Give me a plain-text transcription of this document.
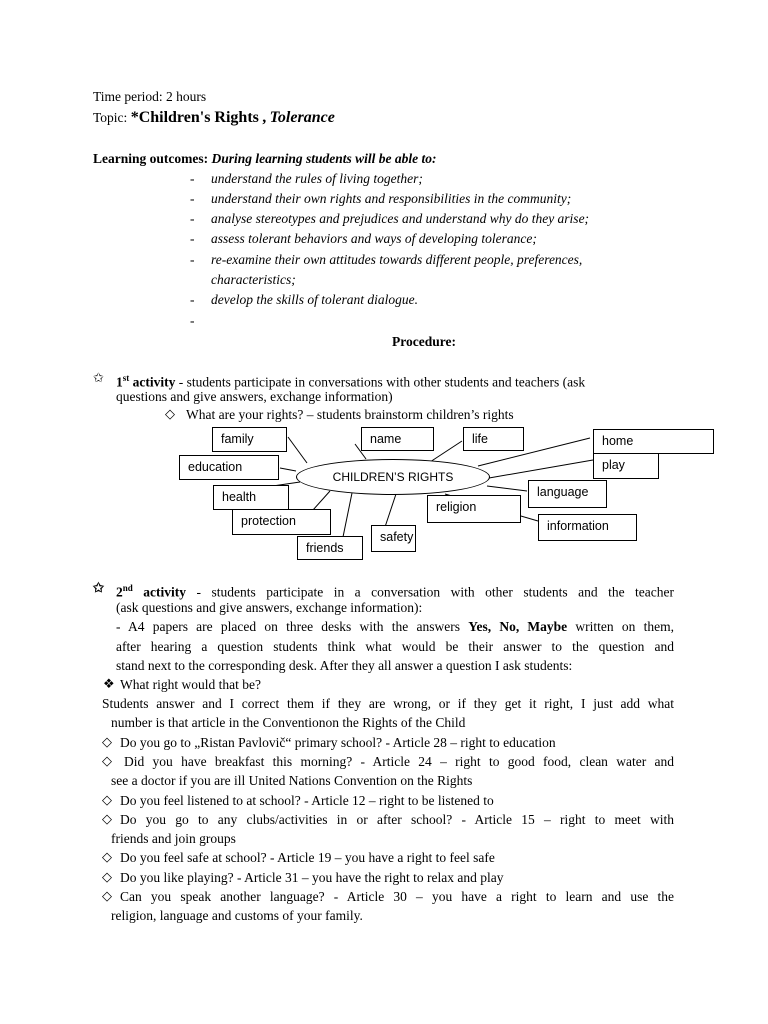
Time period: 2 hours
Topic: *Children's Rights , Tolerance
Learning outcomes: During learning students will be able to:
- understand the rules of living together;
- understand their own rights and responsibilities in the community;
- analyse stereotypes and prejudices and understand why do they arise;
- assess tolerant behaviors and ways of developing tolerance;
- re-examine their own attitudes towards different people, preferences,
characteristics;
- develop the skills of tolerant dialogue.
-
Procedure:
✩ 1st activity - students participate in conversations with other students and teachers (ask
questions and give answers, exchange information)
◇ What are your rights? – students brainstorm children’s rights
CHILDREN’S RIGHTS
family	name	life	home
education	play
language
health
protection
religion
information
safety
friends
✩ 2nd activity - students participate in a conversation with other students and the teacher
(ask questions and give answers, exchange information):
- A4 papers are placed on three desks with the answers Yes, No, Maybe written on them,
after hearing a question students think what would be their answer to the question and
stand next to the corresponding desk. After they all answer a question I ask students:
❖ What right would that be?
Students answer and I correct them if they are wrong, or if they get it right, I just add what
number is that article in the Conventionon the Rights of the Child
◇ Do you go to „Ristan Pavlovič“ primary school? - Article 28 – right to education
◇ Did you have breakfast this morning? - Article 24 – right to good food, clean water and
see a doctor if you are ill United Nations Convention on the Rights
◇ Do you feel listened to at school? - Article 12 – right to be listened to
◇ Do you go to any clubs/activities in or after school? - Article 15 – right to meet with
friends and join groups
◇ Do you feel safe at school? - Article 19 – you have a right to feel safe
◇ Do you like playing? - Article 31 – you have the right to relax and play
◇ Can you speak another language? - Article 30 – you have a right to learn and use the
religion, language and customs of your family.
